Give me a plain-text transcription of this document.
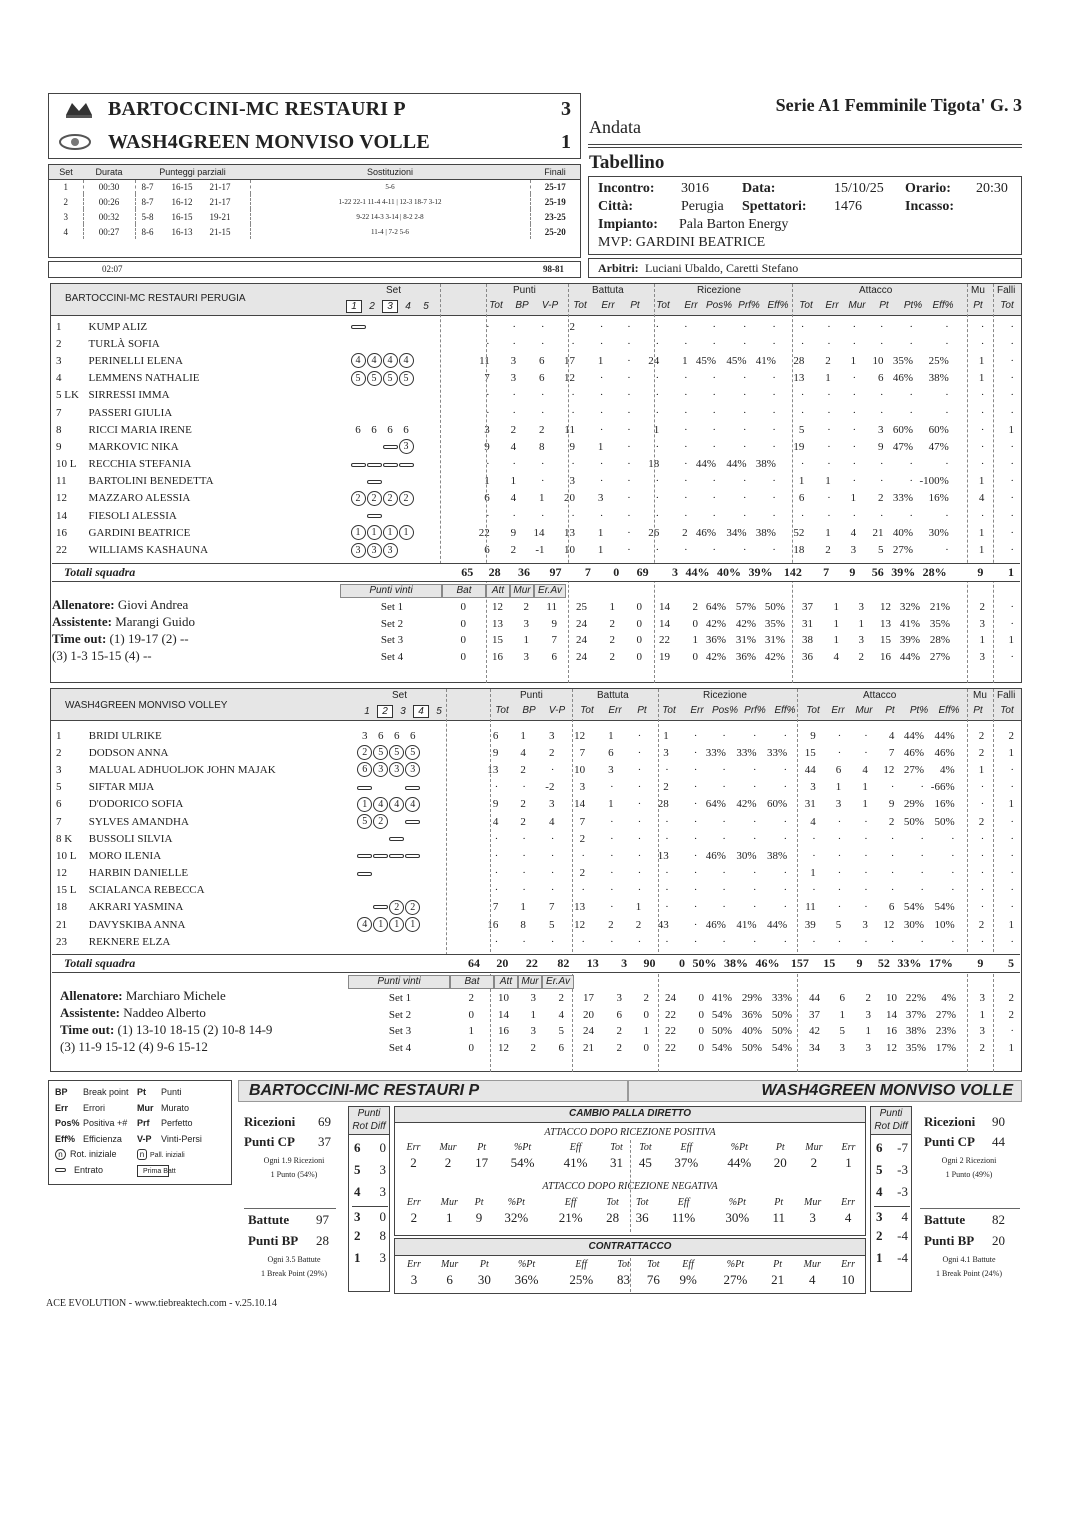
BARTOCCINI-MC RESTAURI P	3
WASH4GREEN MONVISO VOLLE	1
Serie A1 Femminile Tigota' G. 3
Andata
Tabellino
Incontro: 3016 Data:	15/10/25 Orario: 20:30
Città:	Perugia Spettatori: 1476	Incasso:
Impianto: Pala Barton Energy
MVP: GARDINI BEATRICE
Arbitri: Luciani Ubaldo, Caretti Stefano
Set	Durata	Punteggi parziali	Sostituzioni	Finali
1	00:30	8-7 16-15 21-17	5-6	25-17
2	00:26	8-7 16-12 21-17	1-22 22-1 11-4 4-11 | 12-3 18-7 3-12	25-19
3	00:32	5-8 16-15 19-21	9-22 14-3 3-14 | 8-2 2-8	23-25
4	00:27	8-6 16-13 21-15	11-4 | 7-2 5-6	25-20
02:07	98-81
BARTOCCINI-MC RESTAURI PERUGIA
Set
1 2 3 4 5
Punti	Battuta	Ricezione	Attacco	Mu Falli
Tot	BP	V-P	Tot	Err	Pt	Tot	Err Pos% Prf% Eff%	Tot	Err Mur	Pt	Pt%	Eff%	Pt	Tot
1	KUMP ALIZ		·	·	·	2	·	·	·	·	·	·	·	·	·	·	·	·	·	·	·
2	TURLÀ SOFIA		·	·	·	·	·	·	·	·	·	·	·	·	·	·	·	·	·	·	·
3	PERINELLI ELENA	4 4 4 4	11	3	6	17	1	·	24	1	45%	45%	41%	28	2	1	10	35%	25%	1	·
4	LEMMENS NATHALIE	5 5 5 5	7	3	6	12	·	·	·	·	·	·	·	13	1	·	6	46%	38%	1	·
5 LK	SIRRESSI IMMA		·	·	·	·	·	·	·	·	·	·	·	·	·	·	·	·	·	·	·
7	PASSERI GIULIA		·	·	·	·	·	·	·	·	·	·	·	·	·	·	·	·	·	·	·
8	RICCI MARIA IRENE	6 6 6 6	3	2	2	11	·	·	1	·	·	·	·	5	·	·	3	60%	60%	·	1
9	MARKOVIC NIKA	3	9	4	8	9	1	·	·	·	·	·	·	19	·	·	9	47%	47%	·	·
10 L	RECCHIA STEFANIA		·	·	·	·	·	·	18	·	44%	44%	38%	·	·	·	·	·	·	·	·
11	BARTOLINI BENEDETTA		1	1	·	3	·	·	·	·	·	·	·	1	1	·	·	·	-100%	1	·
12	MAZZARO ALESSIA	2 2 2 2	6	4	1	20	3	·	·	·	·	·	·	6	·	1	2	33%	16%	4	·
14	FIESOLI ALESSIA		·	·	·	·	·	·	·	·	·	·	·	·	·	·	·	·	·	·	·
16	GARDINI BEATRICE	1 1 1 1	22	9	14	13	1	·	26	2	46%	34%	38%	52	1	4	21	40%	30%	1	·
22	WILLIAMS KASHAUNA	3 3 3	6	2	-1	10	1	·	·	·	·	·	·	18	2	3	5	27%	·	1	·
Totali squadra	65	28	36	97	7	0	69	3	44%	40%	39%	142	7	9	56	39%	28%	9	1
Allenatore: Giovi Andrea
Assistente: Marangi Guido
Time out: (1) 19-17 (2) --
(3) 1-3 15-15 (4) --
Punti vinti	Bat	Att Mur Er.Av
Set 1	0	12	2	11	25	1	0	14	2	64%	57%	50%	37	1	3	12	32%	21%	2	·
Set 2	0	13	3	9	24	2	0	14	0	42%	42%	35%	31	1	1	13	41%	35%	3	·
Set 3	0	15	1	7	24	2	0	22	1	36%	31%	31%	38	1	3	15	39%	28%	1	1
Set 4	0	16	3	6	24	2	0	19	0	42%	36%	42%	36	4	2	16	44%	27%	3	·
WASH4GREEN MONVISO VOLLEY
Set
1 2 3 4 5
Punti	Battuta	Ricezione	Attacco	Mu Falli
Tot	BP	V-P	Tot	Err	Pt	Tot	Err Pos% Prf% Eff%	Tot	Err	Mur	Pt	Pt%	Eff%	Pt	Tot
1	BRIDI ULRIKE	3 6 6 6	6	1	3	12	1	·	1	·	·	·	·	9	·	·	4	44%	44%	2	2
2	DODSON ANNA	2 5 5 5	9	4	2	7	6	·	3	·	33%	33%	33%	15	·	·	7	46%	46%	2	1
3	MALUAL ADHUOLJOK JOHN MAJAK	6 3 3 3	13	2	·	10	3	·	·	·	·	·	·	44	6	4	12	27%	4%	1	·
5	SIFTAR MIJA		·	·	-2	3	·	·	2	·	·	·	·	3	1	1	·	·	-66%	·	·
6	D'ODORICO SOFIA	1 4 4 4	9	2	3	14	1	·	28	·	64%	42%	60%	31	3	1	9	29%	16%	·	1
7	SYLVES AMANDHA	5 2	4	2	4	7	·	·	·	·	·	·	·	4	·	·	2	50%	50%	2	·
8 K	BUSSOLI SILVIA		·	·	·	2	·	·	·	·	·	·	·	·	·	·	·	·	·	·	·
10 L	MORO ILENIA		·	·	·	·	·	·	13	·	46%	30%	38%	·	·	·	·	·	·	·	·
12	HARBIN DANIELLE		·	·	·	2	·	·	·	·	·	·	·	1	·	·	·	·	·	·	·
15 L	SCIALANCA REBECCA		·	·	·	·	·	·	·	·	·	·	·	·	·	·	·	·	·	·	·
18	AKRARI YASMINA	2 2	7	1	7	13	·	1	·	·	·	·	·	11	·	·	6	54%	54%	·	·
21	DAVYSKIBA ANNA	4 1 1 1	16	8	5	12	2	2	43	·	46%	41%	44%	39	5	3	12	30%	10%	2	1
23	REKNERE ELZA		·	·	·	·	·	·	·	·	·	·	·	·	·	·	·	·	·	·	·
Totali squadra	64	20	22	82	13	3	90	0	50%	38%	46%	157	15	9	52	33%	17%	9	5
Allenatore: Marchiaro Michele
Assistente: Naddeo Alberto
Time out: (1) 13-10 18-15 (2) 10-8 14-9
(3) 11-9 15-12 (4) 9-6 15-12
Punti vinti	Bat	Att Mur Er.Av
Set 1	2	10	3	2	17	3	2	24	0	41%	29%	33%	44	6	2	10	22%	4%	3	2
Set 2	0	14	1	4	20	6	0	22	0	54%	36%	50%	37	1	3	14	37%	27%	1	2
Set 3	1	16	3	5	24	2	1	22	0	50%	40%	50%	42	5	1	16	38%	23%	3	·
Set 4	0	12	2	6	21	2	0	22	0	54%	50%	54%	34	3	3	12	35%	17%	2	1
BP Break point Pt Punti
Err Errori	Mur Murato
Pos% Positiva +# Prf Perfetto
Eff% Efficienza V-P Vinti-Persi
n Rot. iniziale	n Pall. iniziali
Entrato	Prima Batt
BARTOCCINI-MC RESTAURI P	WASH4GREEN MONVISO VOLLE
Ricezioni 69
Punti CP 37
Ogni 1.9 Ricezioni
1 Punto (54%)
Battute 97
Punti BP 28
Ogni 3.5 Battute
1 Break Point (29%)
Punti
Rot Diff
6 0
5 3
4 3
3 0
2 8
1 3
CAMBIO PALLA DIRETTO
ATTACCO DOPO RICEZIONE POSITIVA
Err	Mur	Pt	%Pt	Eff	Tot	Tot	Eff	%Pt	Pt	Mur	Err
2	2	17	54%	41%	31	45	37%	44%	20	2	1
ATTACCO DOPO RICEZIONE NEGATIVA
Err	Mur	Pt	%Pt	Eff	Tot	Tot	Eff	%Pt	Pt	Mur	Err
2	1	9	32%	21%	28	36	11%	30%	11	3	4
CONTRATTACCO
Err	Mur	Pt	%Pt	Eff	Tot	Tot	Eff	%Pt	Pt	Mur	Err
3	6	30	36%	25%	83	76	9%	27%	21	4	10
Punti
Rot Diff
6 -7
5 -3
4 -3
3 4
2 -4
1 -4
Ricezioni 90
Punti CP 44
Ogni 2 Ricezioni
1 Punto (49%)
Battute 82
Punti BP 20
Ogni 4.1 Battute
1 Break Point (24%)
ACE EVOLUTION - www.tiebreaktech.com - v.25.10.14
